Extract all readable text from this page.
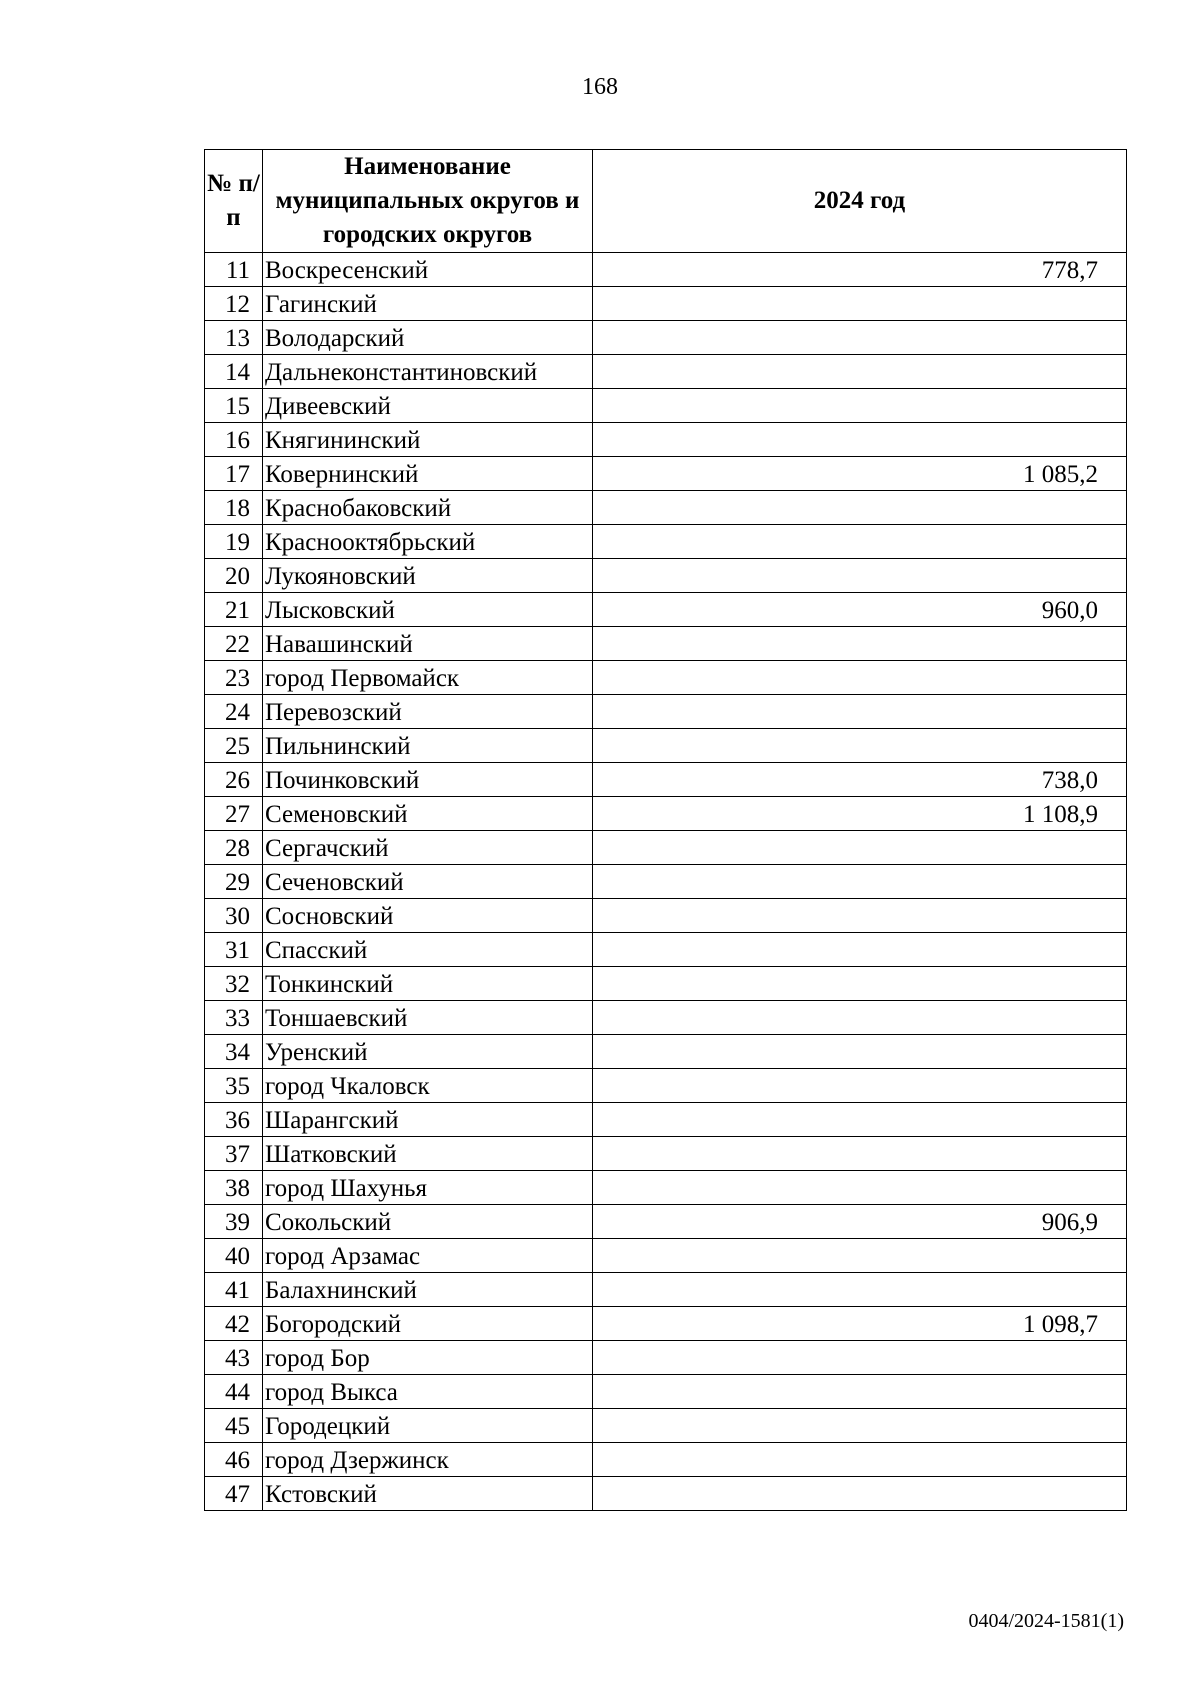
168
№ п/п	Наименование муниципальных округов и городских округов	2024 год
11	Воскресенский	778,7
12	Гагинский	
13	Володарский	
14	Дальнеконстантиновский	
15	Дивеевский	
16	Княгининский	
17	Ковернинский	1 085,2
18	Краснобаковский	
19	Краснооктябрьский	
20	Лукояновский	
21	Лысковский	960,0
22	Навашинский	
23	город Первомайск	
24	Перевозский	
25	Пильнинский	
26	Починковский	738,0
27	Семеновский	1 108,9
28	Сергачский	
29	Сеченовский	
30	Сосновский	
31	Спасский	
32	Тонкинский	
33	Тоншаевский	
34	Уренский	
35	город Чкаловск	
36	Шарангский	
37	Шатковский	
38	город Шахунья	
39	Сокольский	906,9
40	город Арзамас	
41	Балахнинский	
42	Богородский	1 098,7
43	город Бор	
44	город Выкса	
45	Городецкий	
46	город Дзержинск	
47	Кстовский	
0404/2024-1581(1)
